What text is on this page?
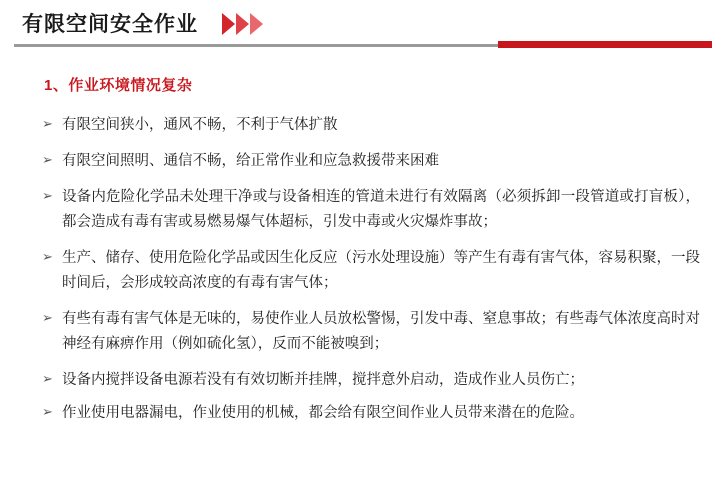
有限空间安全作业
1、作业环境情况复杂
➢ 有限空间狭小，通风不畅，不利于气体扩散
➢ 有限空间照明、通信不畅，给正常作业和应急救援带来困难
➢ 设备内危险化学品未处理干净或与设备相连的管道未进行有效隔离（必须拆卸一段管道或打盲板），都会造成有毒有害或易燃易爆气体超标，引发中毒或火灾爆炸事故；
➢ 生产、储存、使用危险化学品或因生化反应（污水处理设施）等产生有毒有害气体，容易积聚，一段时间后，会形成较高浓度的有毒有害气体；
➢ 有些有毒有害气体是无味的，易使作业人员放松警惕，引发中毒、窒息事故；有些毒气体浓度高时对神经有麻痹作用（例如硫化氢），反而不能被嗅到；
➢ 设备内搅拌设备电源若没有有效切断并挂牌，搅拌意外启动，造成作业人员伤亡；
➢ 作业使用电器漏电，作业使用的机械，都会给有限空间作业人员带来潜在的危险。
